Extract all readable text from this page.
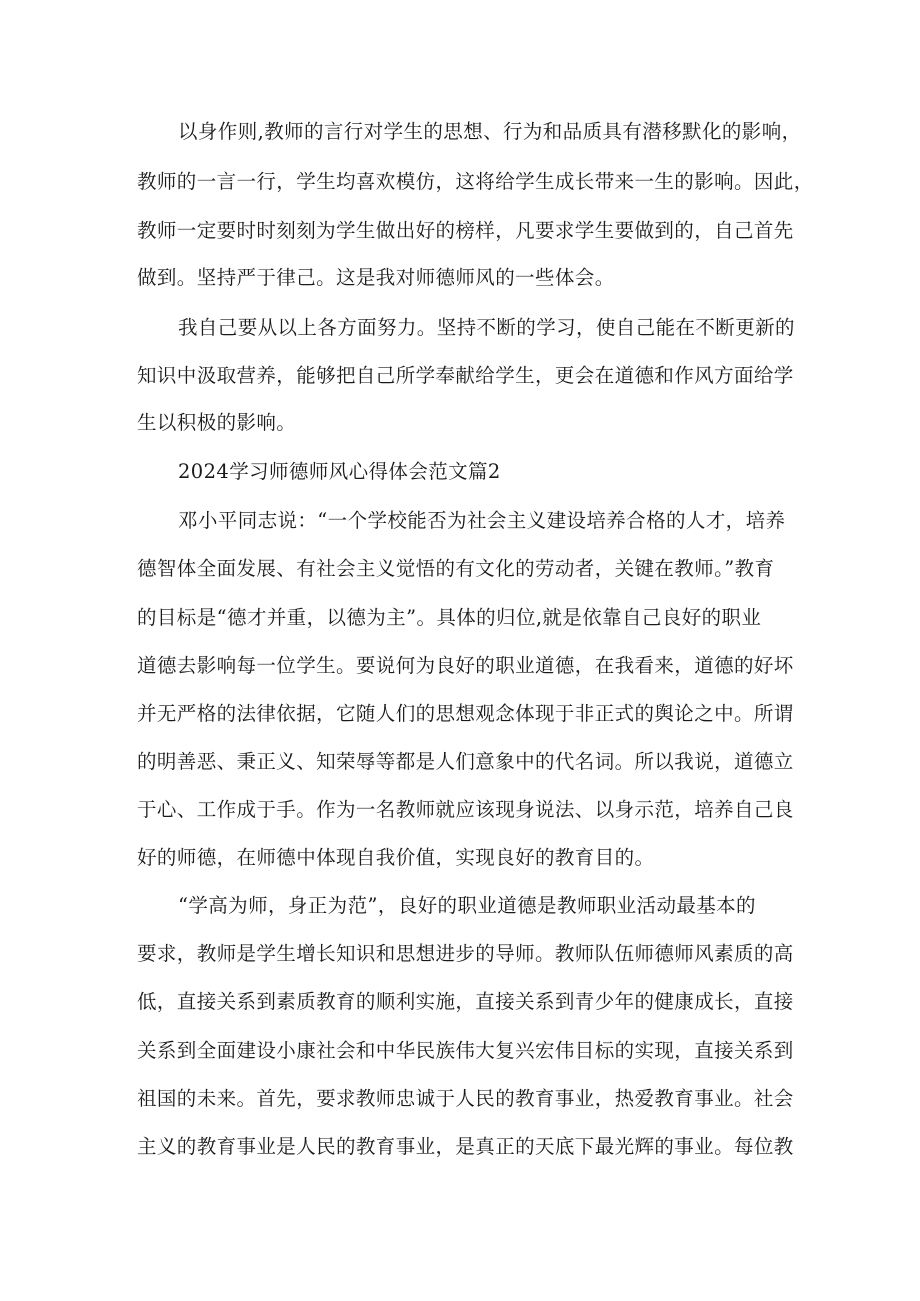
以身作则,教师的言行对学生的思想、行为和品质具有潜移默化的影响，

教师的一言一行，学生均喜欢模仿，这将给学生成长带来一生的影响。因此，

教师一定要时时刻刻为学生做出好的榜样，凡要求学生要做到的，自己首先

做到。坚持严于律己。这是我对师德师风的一些体会。

我自己要从以上各方面努力。坚持不断的学习，使自己能在不断更新的

知识中汲取营养，能够把自己所学奉献给学生，更会在道德和作风方面给学

生以积极的影响。

2024学习师德师风心得体会范文篇2

邓小平同志说：“一个学校能否为社会主义建设培养合格的人才，培养

德智体全面发展、有社会主义觉悟的有文化的劳动者，关键在教师。”教育

的目标是“德才并重，以德为主”。具体的归位,就是依靠自己良好的职业

道德去影响每一位学生。要说何为良好的职业道德，在我看来，道德的好坏

并无严格的法律依据，它随人们的思想观念体现于非正式的舆论之中。所谓

的明善恶、秉正义、知荣辱等都是人们意象中的代名词。所以我说，道德立

于心、工作成于手。作为一名教师就应该现身说法、以身示范，培养自己良

好的师德，在师德中体现自我价值，实现良好的教育目的。

“学高为师，身正为范”，良好的职业道德是教师职业活动最基本的

要求，教师是学生增长知识和思想进步的导师。教师队伍师德师风素质的高

低，直接关系到素质教育的顺利实施，直接关系到青少年的健康成长，直接

关系到全面建设小康社会和中华民族伟大复兴宏伟目标的实现，直接关系到

祖国的未来。首先，要求教师忠诚于人民的教育事业，热爱教育事业。社会

主义的教育事业是人民的教育事业，是真正的天底下最光辉的事业。每位教
